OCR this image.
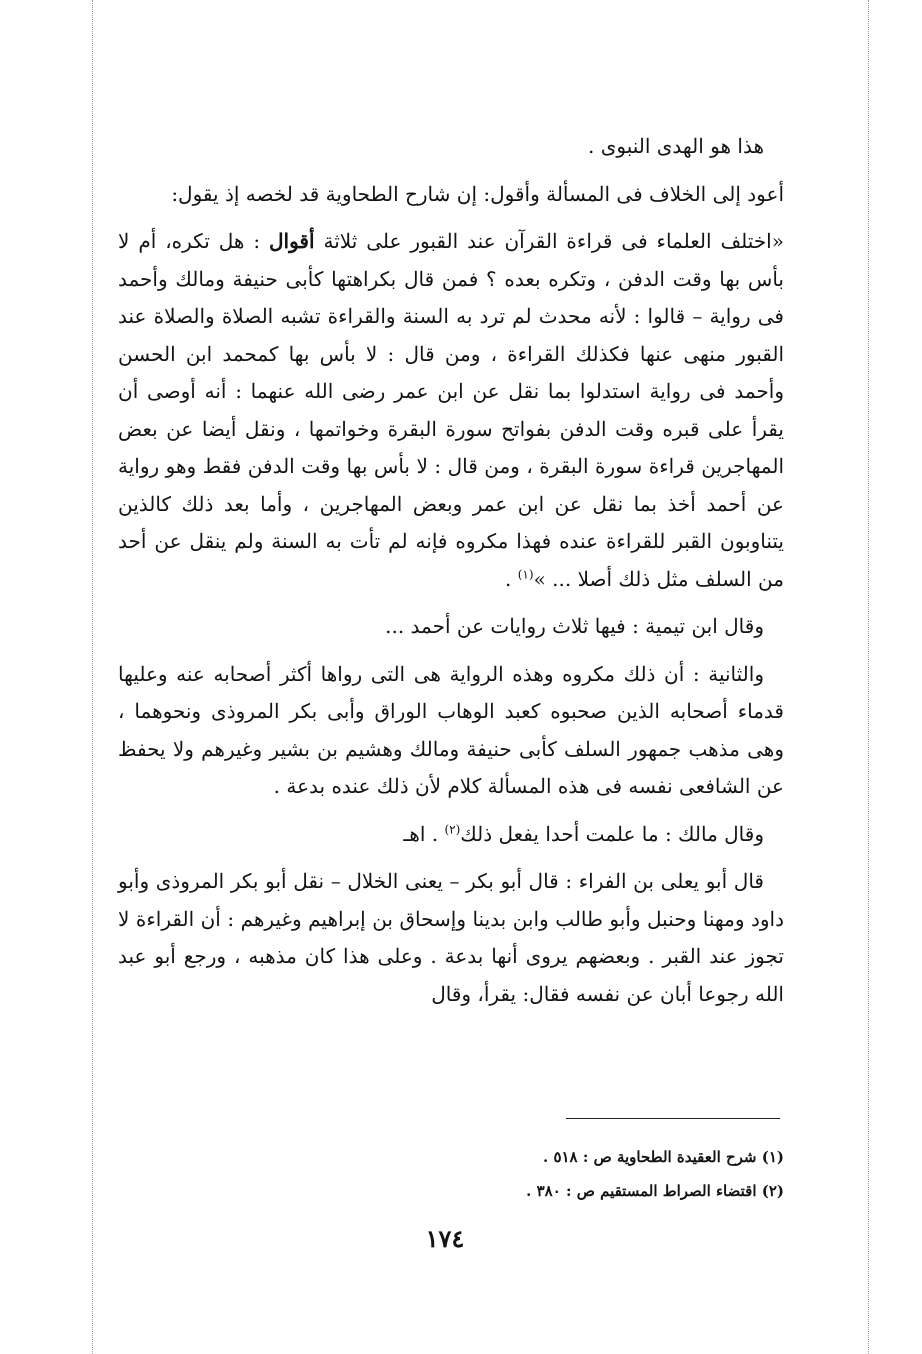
هذا هو الهدى النبوى .

أعود إلى الخلاف فى المسألة وأقول: إن شارح الطحاوية قد لخصه إذ يقول:

«اختلف العلماء فى قراءة القرآن عند القبور على ثلاثة أقوال : هل تكره، أم لا بأس بها وقت الدفن ، وتكره بعده ؟ فمن قال بكراهتها كأبى حنيفة ومالك وأحمد فى رواية – قالوا : لأنه محدث لم ترد به السنة والقراءة تشبه الصلاة والصلاة عند القبور منهى عنها فكذلك القراءة ، ومن قال : لا بأس بها كمحمد ابن الحسن وأحمد فى رواية استدلوا بما نقل عن ابن عمر رضى الله عنهما : أنه أوصى أن يقرأ على قبره وقت الدفن بفواتح سورة البقرة وخواتمها ، ونقل أيضا عن بعض المهاجرين قراءة سورة البقرة ، ومن قال : لا بأس بها وقت الدفن فقط وهو رواية عن أحمد أخذ بما نقل عن ابن عمر وبعض المهاجرين ، وأما بعد ذلك كالذين يتناوبون القبر للقراءة عنده فهذا مكروه فإنه لم تأت به السنة ولم ينقل عن أحد من السلف مثل ذلك أصلا ... »$^{(١)}$ .

وقال ابن تيمية : فيها ثلاث روايات عن أحمد ...

والثانية : أن ذلك مكروه وهذه الرواية هى التى رواها أكثر أصحابه عنه وعليها قدماء أصحابه الذين صحبوه كعبد الوهاب الوراق وأبى بكر المروذى ونحوهما ، وهى مذهب جمهور السلف كأبى حنيفة ومالك وهشيم بن بشير وغيرهم ولا يحفظ عن الشافعى نفسه فى هذه المسألة كلام لأن ذلك عنده بدعة .

وقال مالك : ما علمت أحدا يفعل ذلك$^{(٢)}$ . اهـ

قال أبو يعلى بن الفراء : قال أبو بكر – يعنى الخلال – نقل أبو بكر المروذى وأبو داود ومهنا وحنبل وأبو طالب وابن بدينا وإسحاق بن إبراهيم وغيرهم : أن القراءة لا تجوز عند القبر . وبعضهم يروى أنها بدعة . وعلى هذا كان مذهبه ، ورجع أبو عبد الله رجوعا أبان عن نفسه فقال: يقرأ، وقال

(١) شرح العقيدة الطحاوية ص : ٥١٨ .

(٢) اقتضاء الصراط المستقيم ص : ٣٨٠ .

١٧٤
